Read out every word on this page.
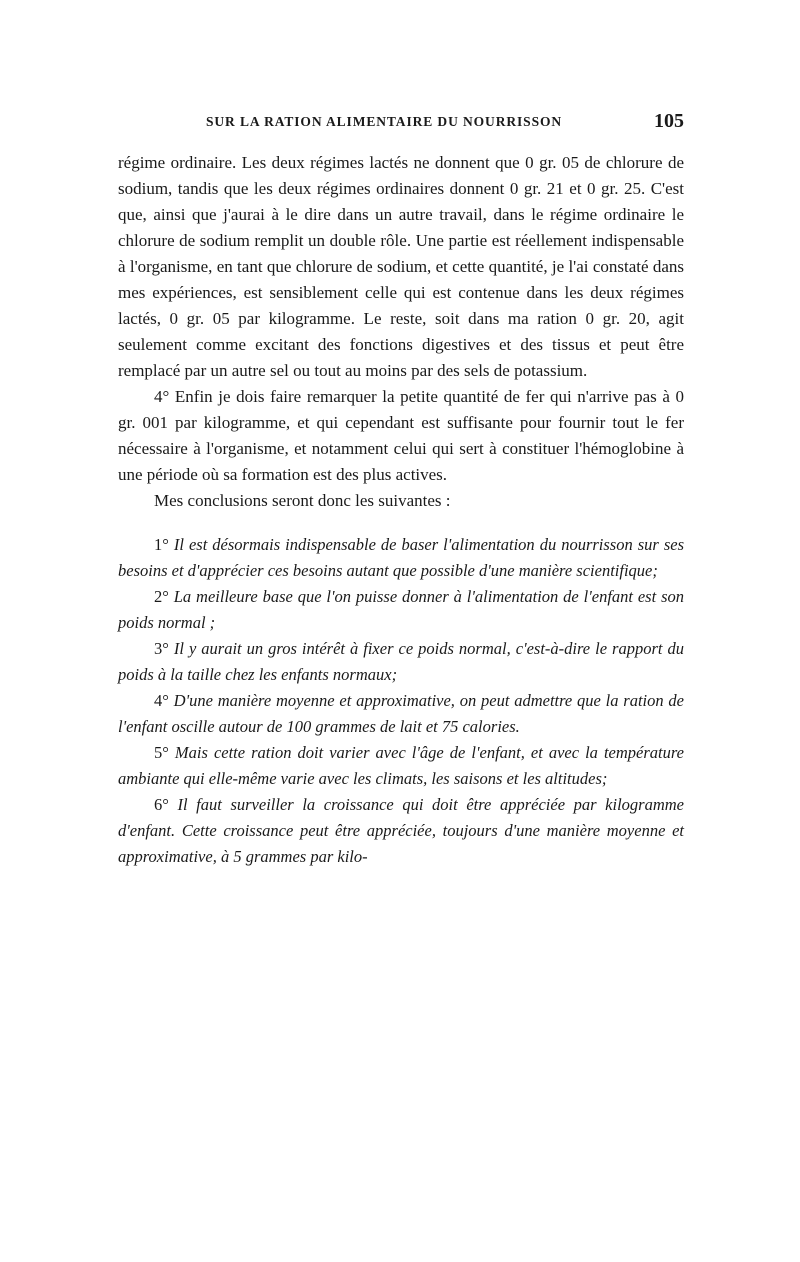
SUR LA RATION ALIMENTAIRE DU NOURRISSON	105

régime ordinaire. Les deux régimes lactés ne donnent que 0 gr. 05 de chlorure de sodium, tandis que les deux régimes ordinaires donnent 0 gr. 21 et 0 gr. 25. C'est que, ainsi que j'aurai à le dire dans un autre travail, dans le régime ordinaire le chlorure de sodium remplit un double rôle. Une partie est réellement indispensable à l'organisme, en tant que chlorure de sodium, et cette quantité, je l'ai constaté dans mes expériences, est sensiblement celle qui est contenue dans les deux régimes lactés, 0 gr. 05 par kilogramme. Le reste, soit dans ma ration 0 gr. 20, agit seulement comme excitant des fonctions digestives et des tissus et peut être remplacé par un autre sel ou tout au moins par des sels de potassium.

4° Enfin je dois faire remarquer la petite quantité de fer qui n'arrive pas à 0 gr. 001 par kilogramme, et qui cependant est suffisante pour fournir tout le fer nécessaire à l'organisme, et notamment celui qui sert à constituer l'hémoglobine à une période où sa formation est des plus actives.

Mes conclusions seront donc les suivantes :

1° Il est désormais indispensable de baser l'alimentation du nourrisson sur ses besoins et d'apprécier ces besoins autant que possible d'une manière scientifique;

2° La meilleure base que l'on puisse donner à l'alimentation de l'enfant est son poids normal ;

3° Il y aurait un gros intérêt à fixer ce poids normal, c'est-à-dire le rapport du poids à la taille chez les enfants normaux;

4° D'une manière moyenne et approximative, on peut admettre que la ration de l'enfant oscille autour de 100 grammes de lait et 75 calories.

5° Mais cette ration doit varier avec l'âge de l'enfant, et avec la température ambiante qui elle-même varie avec les climats, les saisons et les altitudes;

6° Il faut surveiller la croissance qui doit être appréciée par kilogramme d'enfant. Cette croissance peut être appréciée, toujours d'une manière moyenne et approximative, à 5 grammes par kilo-
